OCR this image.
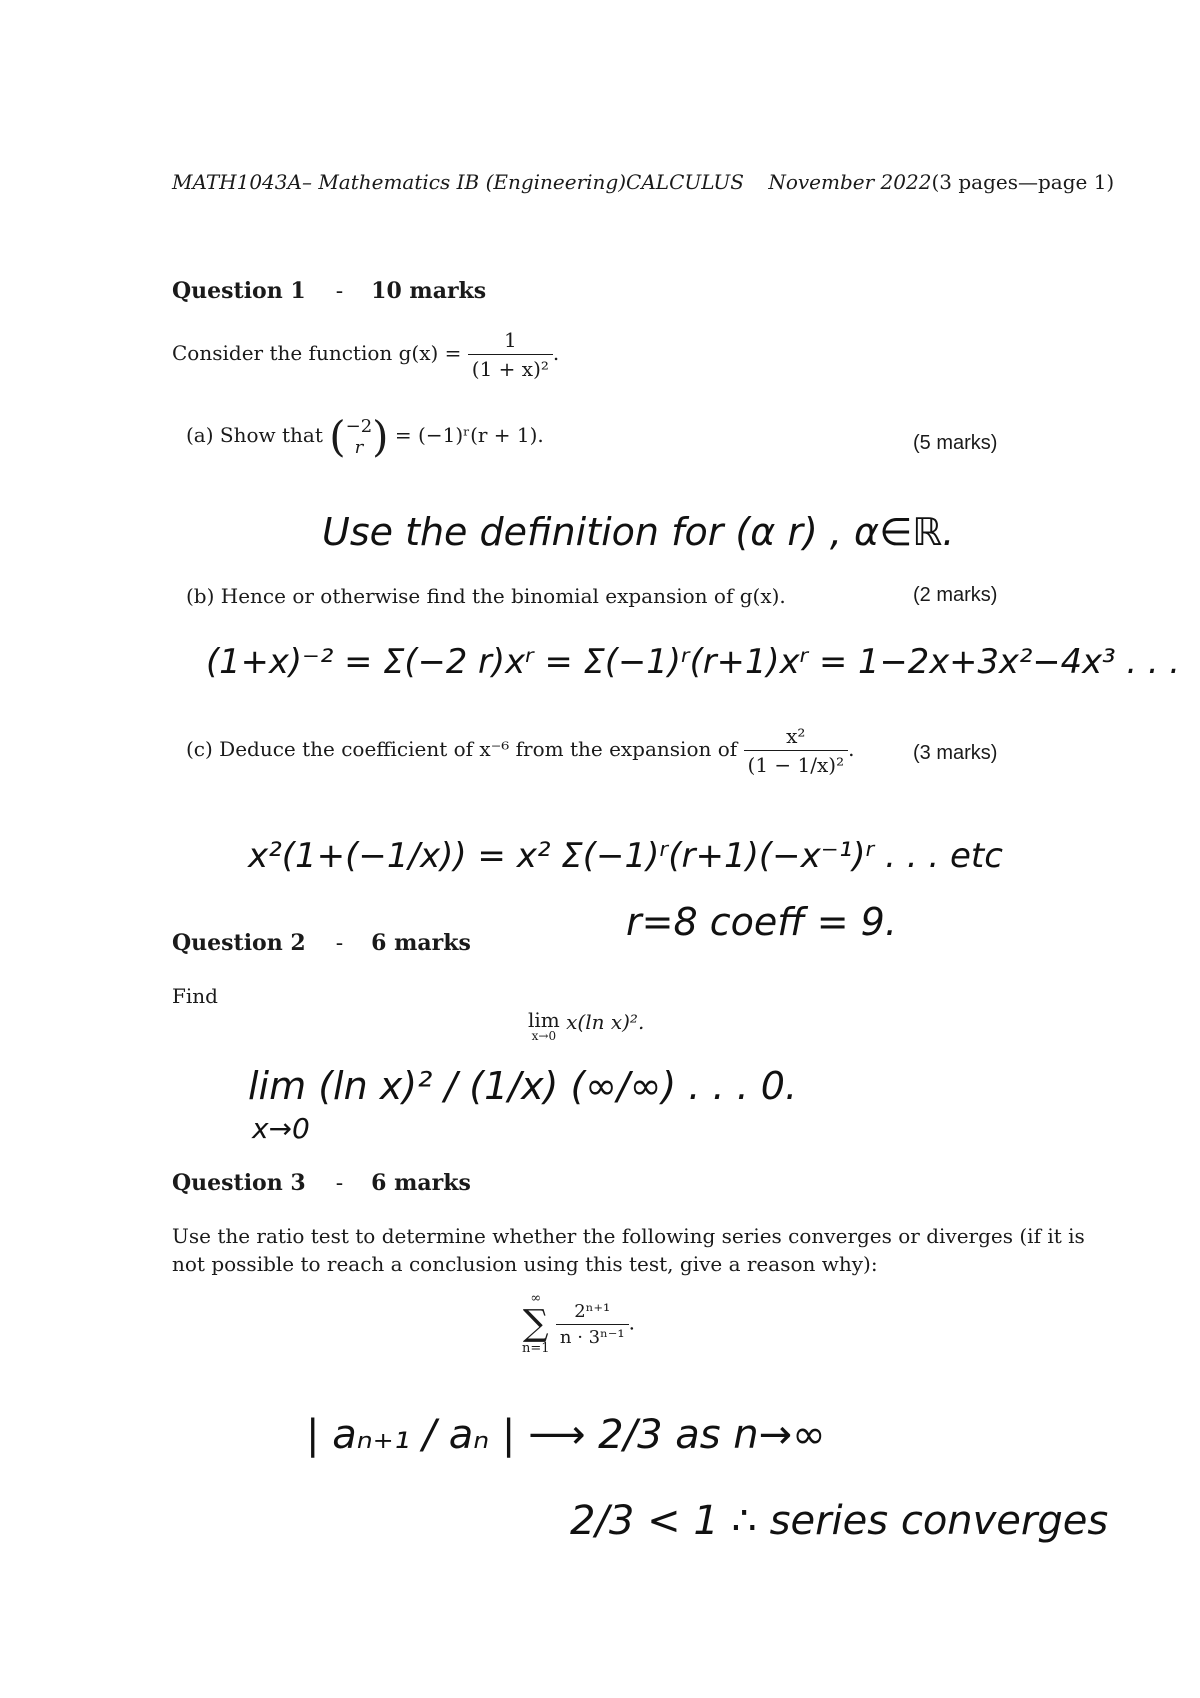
MATH1043A– Mathematics IB (Engineering)CALCULUS November 2022(3 pages—page 1)
Question 1 - 10 marks
Consider the function $g(x) = \frac{1}{\text{(1 + x)²}}$ .
(a) Show that ( −2
r ) = (−1)ʳ(r + 1).	(5 marks)
Use the definition for (α r) , α∈ℝ.
(b) Hence or otherwise find the binomial expansion of g(x).	(2 marks)
(1+x)⁻² = Σ(−2 r)xʳ = Σ(−1)ʳ(r+1)xʳ = 1−2x+3x²−4x³ . . .
(c) Deduce the coefficient of x⁻⁶ from the expansion of $\frac{\text{x²}}{\text{(1 − 1/x)²}}$ .	(3 marks)
x²(1+(−1/x)) = x² Σ(−1)ʳ(r+1)(−x⁻¹)ʳ . . . etc
r=8 coeff = 9.
Question 2 - 6 marks
Find
lim
x→0
x(ln x)².
lim (ln x)² / (1/x) (∞/∞) . . . 0.
x→0
Question 3 - 6 marks
Use the ratio test to determine whether the following series converges or diverges (if it is
not possible to reach a conclusion using this test, give a reason why):
∞
∑
n=1

$\frac{\text{2ⁿ⁺¹}}{\text{n · 3ⁿ⁻¹}}$ .
| aₙ₊₁ / aₙ | ⟶ 2/3 as n→∞
2/3 < 1 ∴ series converges
